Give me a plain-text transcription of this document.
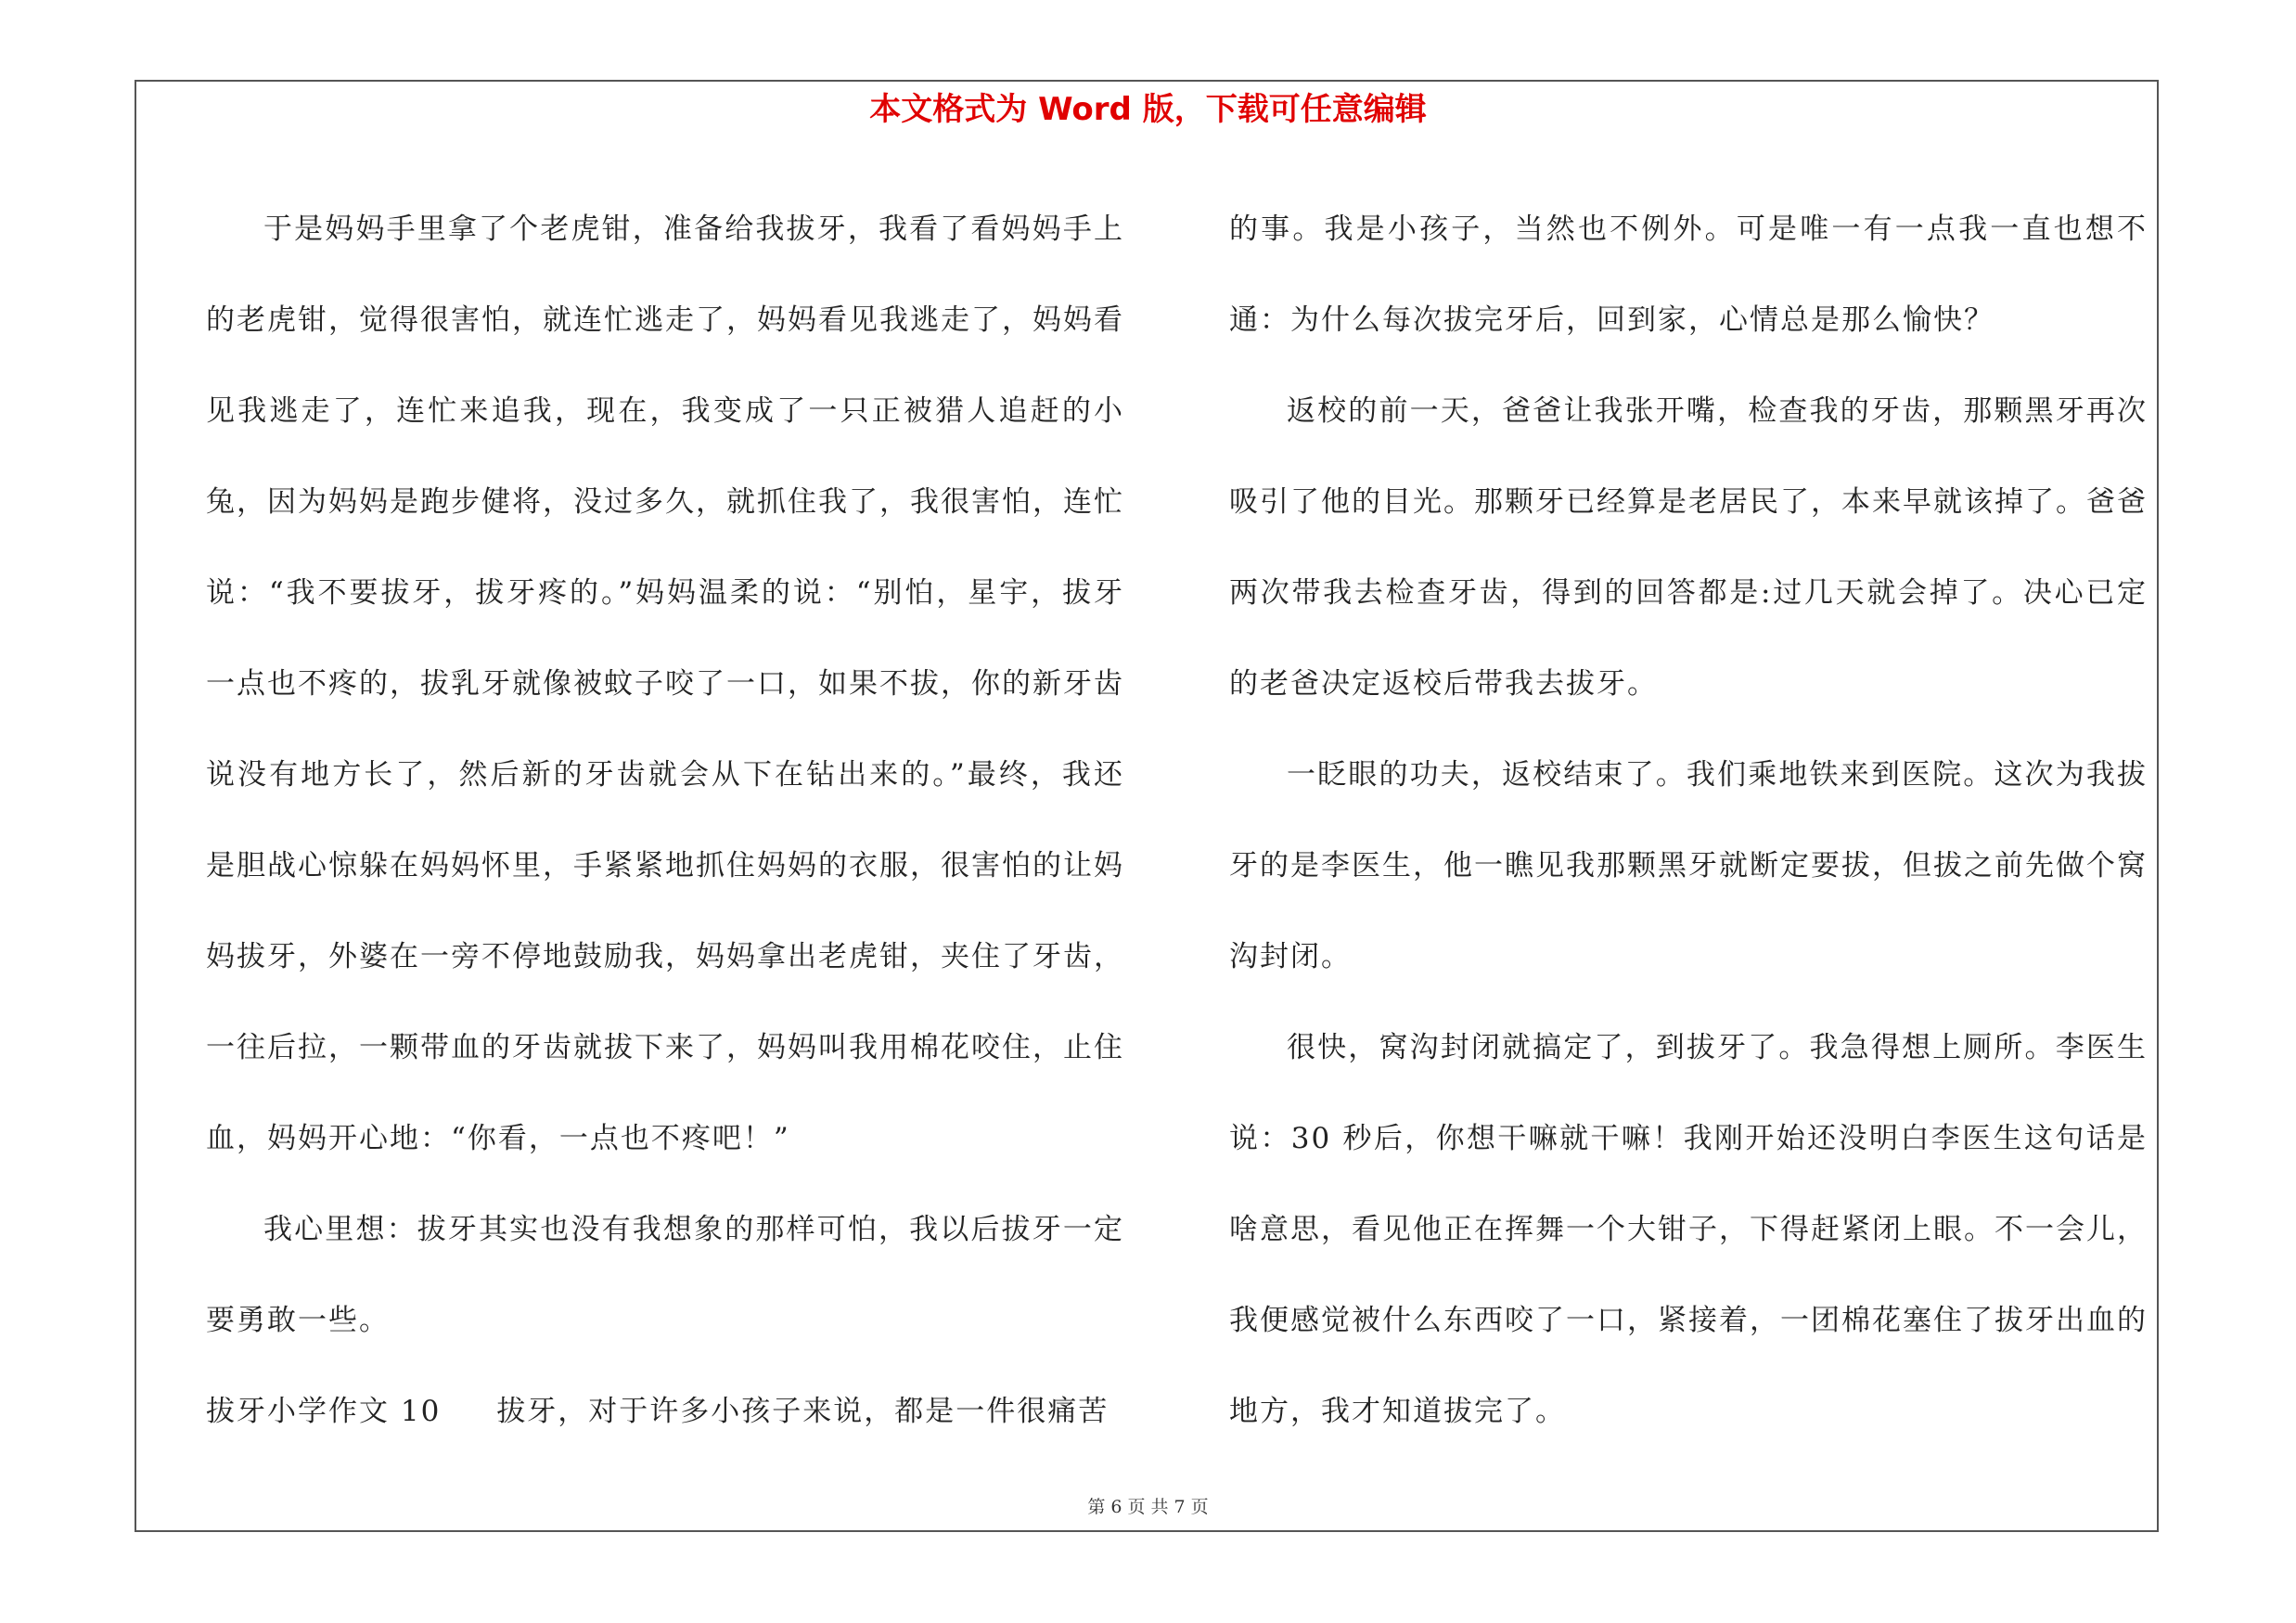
本文格式为 Word 版，下载可任意编辑

于是妈妈手里拿了个老虎钳，准备给我拔牙，我看了看妈妈手上的老虎钳，觉得很害怕，就连忙逃走了，妈妈看见我逃走了，妈妈看见我逃走了，连忙来追我，现在，我变成了一只正被猎人追赶的小兔，因为妈妈是跑步健将，没过多久，就抓住我了，我很害怕，连忙说：“我不要拔牙，拔牙疼的。”妈妈温柔的说：“别怕，星宇，拔牙一点也不疼的，拔乳牙就像被蚊子咬了一口，如果不拔，你的新牙齿说没有地方长了，然后新的牙齿就会从下在钻出来的。”最终，我还是胆战心惊躲在妈妈怀里，手紧紧地抓住妈妈的衣服，很害怕的让妈妈拔牙，外婆在一旁不停地鼓励我，妈妈拿出老虎钳，夹住了牙齿，一往后拉，一颗带血的牙齿就拔下来了，妈妈叫我用棉花咬住，止住血，妈妈开心地：“你看，一点也不疼吧！”

我心里想：拔牙其实也没有我想象的那样可怕，我以后拔牙一定要勇敢一些。

拔牙小学作文 10 拔牙，对于许多小孩子来说，都是一件很痛苦

的事。我是小孩子，当然也不例外。可是唯一有一点我一直也想不通：为什么每次拔完牙后，回到家，心情总是那么愉快？

返校的前一天，爸爸让我张开嘴，检查我的牙齿，那颗黑牙再次吸引了他的目光。那颗牙已经算是老居民了，本来早就该掉了。爸爸两次带我去检查牙齿，得到的回答都是:过几天就会掉了。决心已定的老爸决定返校后带我去拔牙。

一眨眼的功夫，返校结束了。我们乘地铁来到医院。这次为我拔牙的是李医生，他一瞧见我那颗黑牙就断定要拔，但拔之前先做个窝沟封闭。

很快，窝沟封闭就搞定了，到拔牙了。我急得想上厕所。李医生说：30 秒后，你想干嘛就干嘛！我刚开始还没明白李医生这句话是啥意思，看见他正在挥舞一个大钳子，下得赶紧闭上眼。不一会儿，我便感觉被什么东西咬了一口，紧接着，一团棉花塞住了拔牙出血的地方，我才知道拔完了。

第 6 页 共 7 页
